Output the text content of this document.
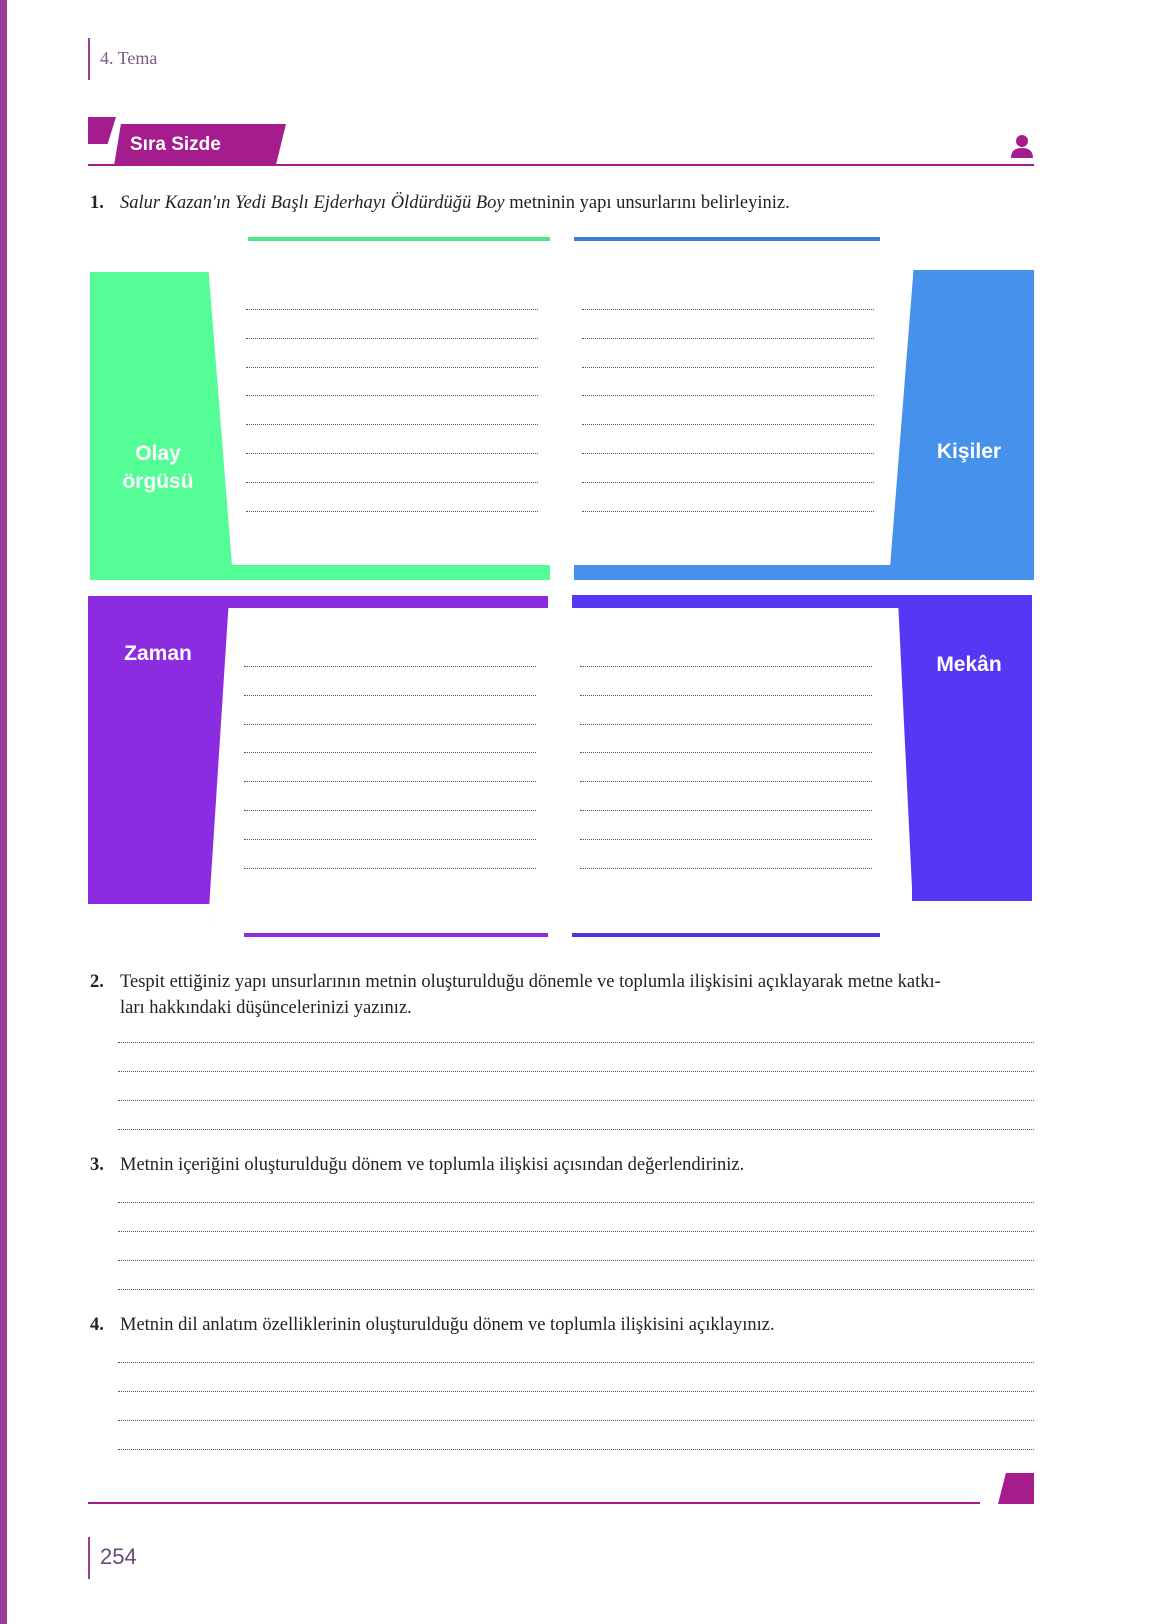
4. Tema
Sıra Sizde
1. Salur Kazan'ın Yedi Başlı Ejderhayı Öldürdüğü Boy metninin yapı unsurlarını belirleyiniz.
Olay
örgüsü
Kişiler
Zaman	Mekân
2. Tespit ettiğiniz yapı unsurlarının metnin oluşturulduğu dönemle ve toplumla ilişkisini açıklayarak metne katkı-
ları hakkındaki düşüncelerinizi yazınız.
3. Metnin içeriğini oluşturulduğu dönem ve toplumla ilişkisi açısından değerlendiriniz.
4. Metnin dil anlatım özelliklerinin oluşturulduğu dönem ve toplumla ilişkisini açıklayınız.
254
